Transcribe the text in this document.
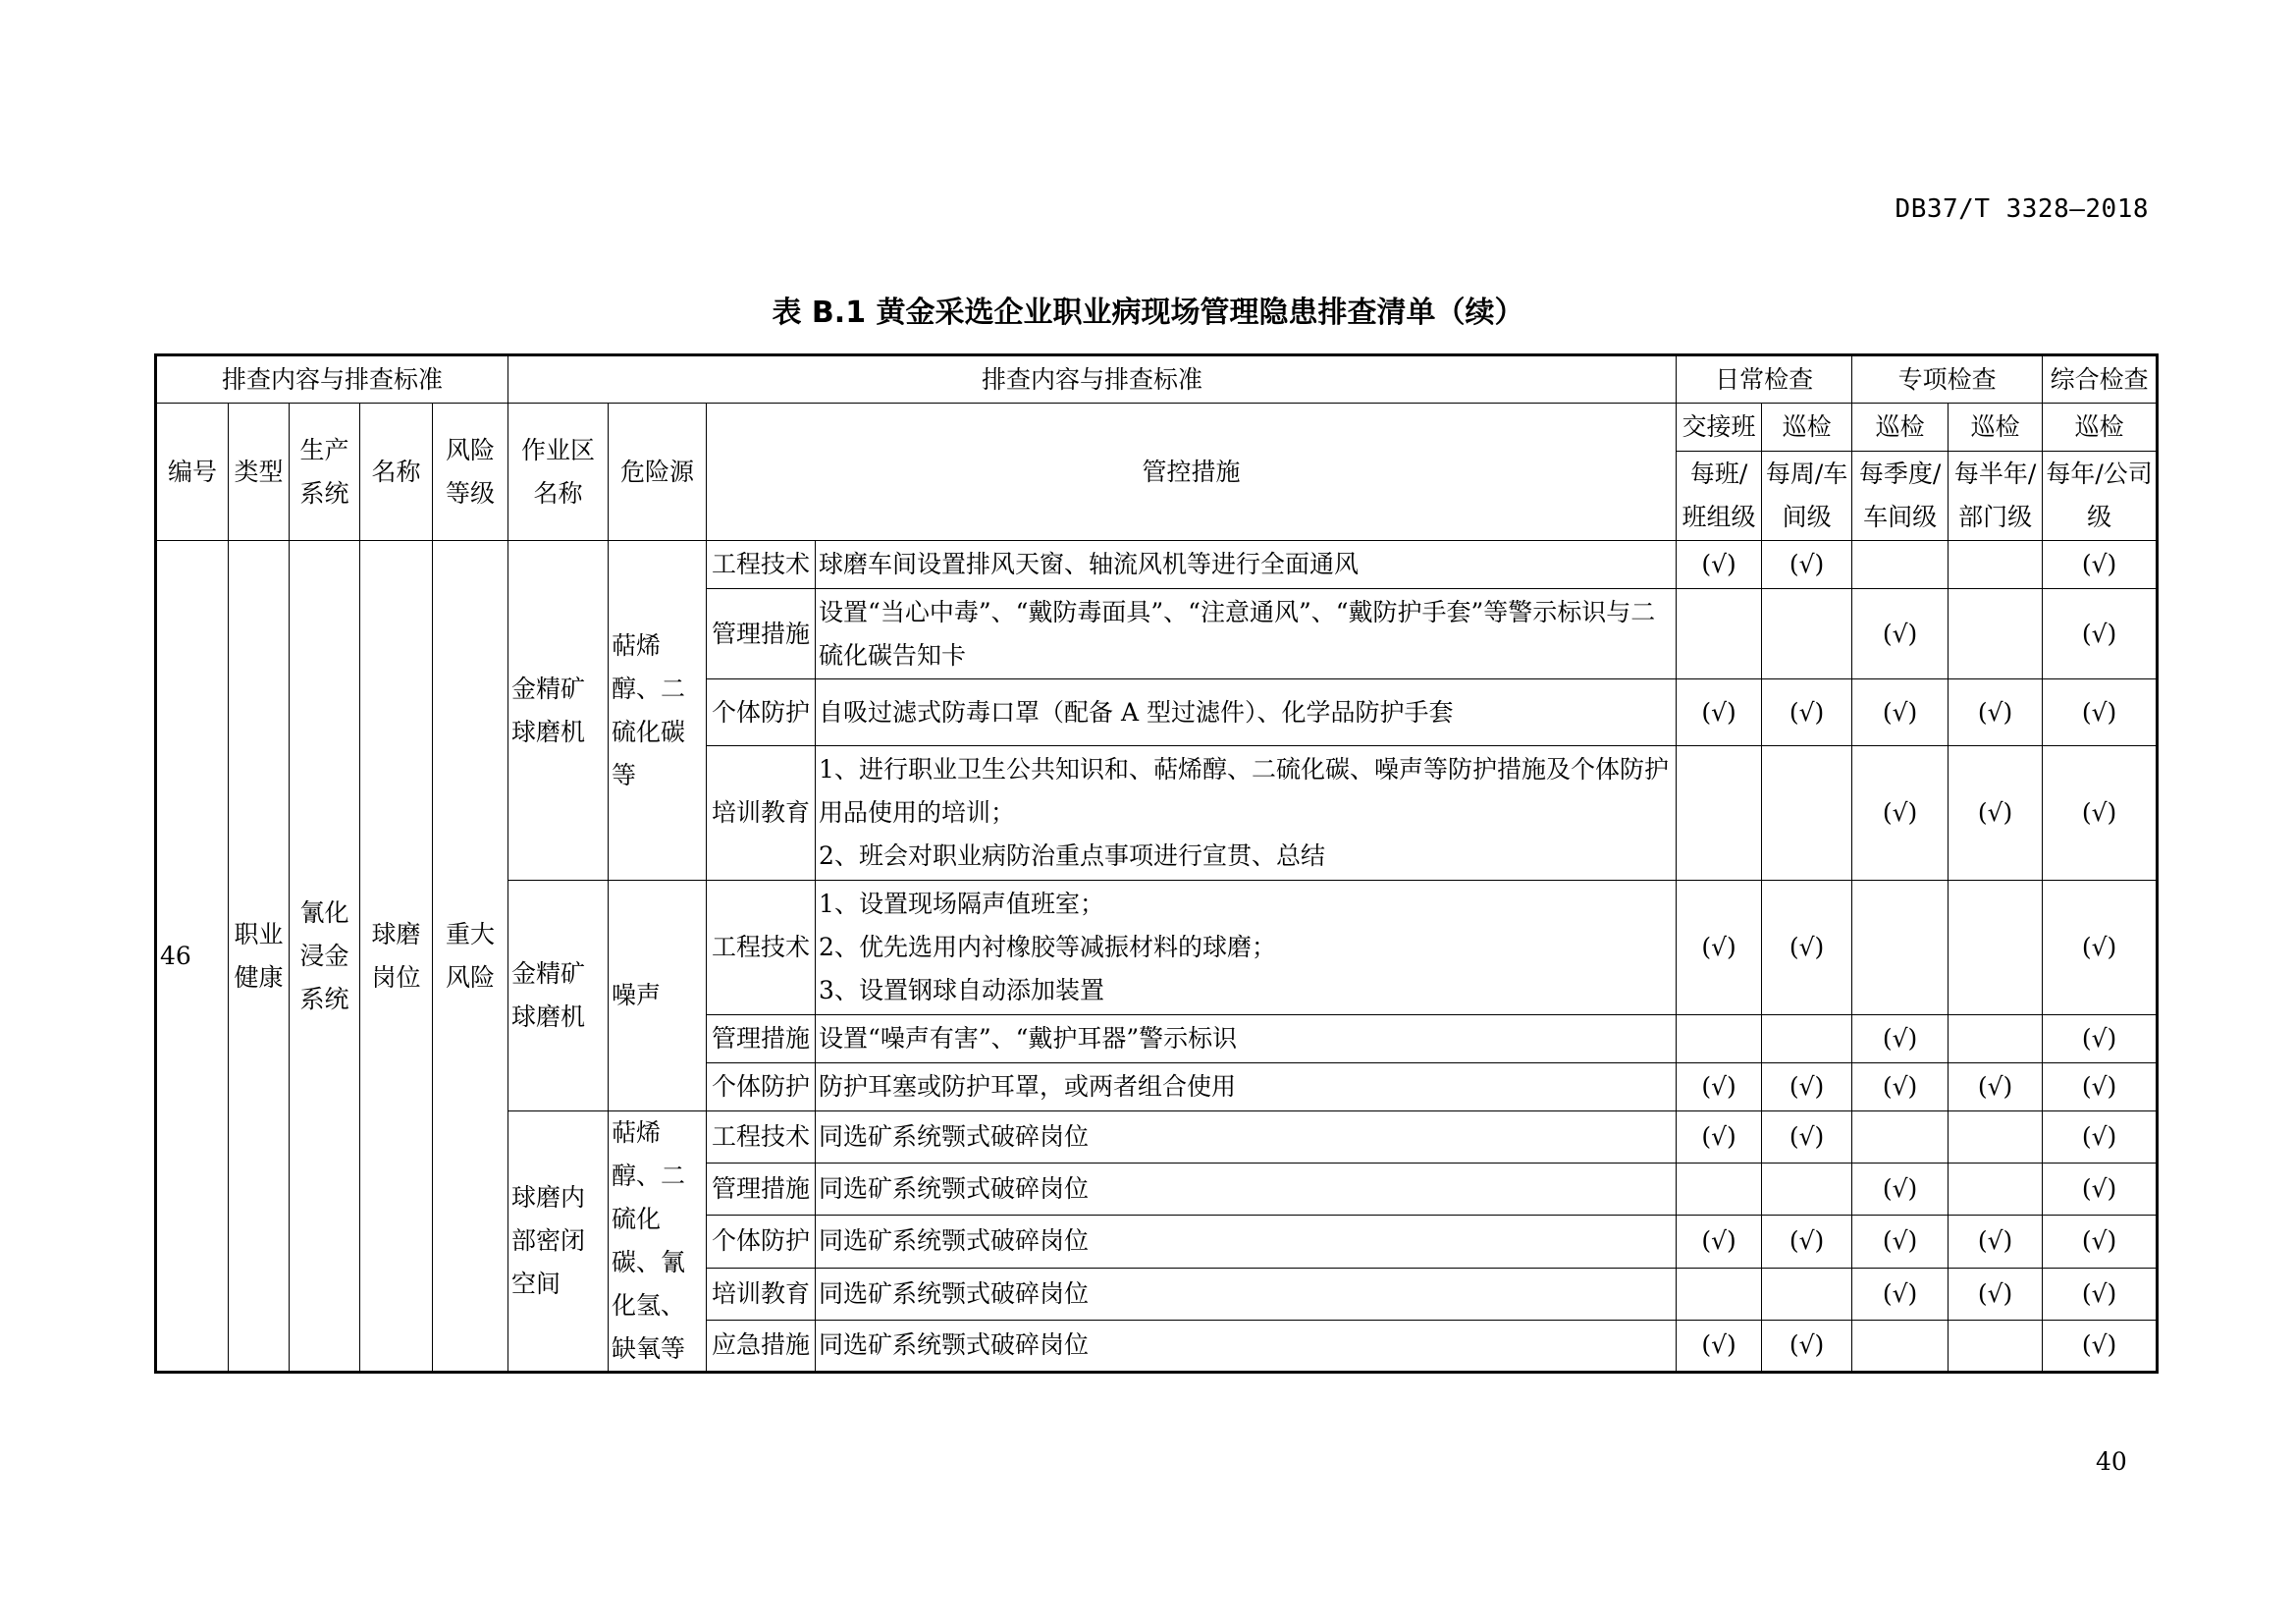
DB37/T 3328—2018
表 B.1 黄金采选企业职业病现场管理隐患排查清单（续）
排查内容与排查标准					排查内容与排查标准				日常检查		专项检查		综合检查
编号	类型	生产系统	名称	风险等级	作业区名称	危险源	管控措施		交接班	巡检	巡检	巡检	巡检
									每班/班组级	每周/车间级	每季度/车间级	每半年/部门级	每年/公司级
46	职业健康	氰化浸金系统	球磨岗位	重大风险	金精矿球磨机	萜烯醇、二硫化碳等	工程技术	球磨车间设置排风天窗、轴流风机等进行全面通风	(√)	(√)			(√)
							管理措施	设置“当心中毒”、“戴防毒面具”、“注意通风”、“戴防护手套”等警示标识与二硫化碳告知卡			(√)		(√)
							个体防护	自吸过滤式防毒口罩（配备 A 型过滤件）、化学品防护手套	(√)	(√)	(√)	(√)	(√)
							培训教育	1、进行职业卫生公共知识和、萜烯醇、二硫化碳、噪声等防护措施及个体防护用品使用的培训；
2、班会对职业病防治重点事项进行宣贯、总结			(√)	(√)	(√)
					金精矿球磨机	噪声	工程技术	1、设置现场隔声值班室；
2、优先选用内衬橡胶等减振材料的球磨；
3、设置钢球自动添加装置	(√)	(√)			(√)
							管理措施	设置“噪声有害”、“戴护耳器”警示标识			(√)		(√)
							个体防护	防护耳塞或防护耳罩，或两者组合使用	(√)	(√)	(√)	(√)	(√)
					球磨内部密闭空间	萜烯醇、二硫化碳、氰化氢、缺氧等	工程技术	同选矿系统颚式破碎岗位	(√)	(√)			(√)
							管理措施	同选矿系统颚式破碎岗位			(√)		(√)
							个体防护	同选矿系统颚式破碎岗位	(√)	(√)	(√)	(√)	(√)
							培训教育	同选矿系统颚式破碎岗位			(√)	(√)	(√)
							应急措施	同选矿系统颚式破碎岗位	(√)	(√)			(√)
40
